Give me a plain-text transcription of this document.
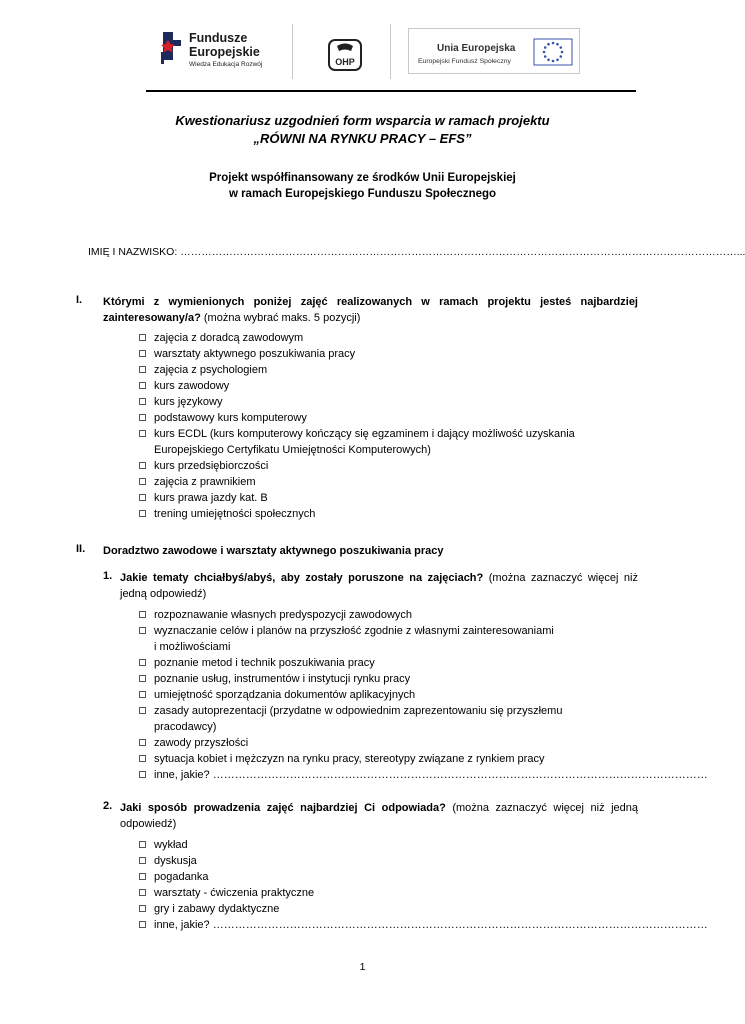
Fundusze
Europejskie
Wiedza Edukacja Rozwój	OHP
Unia Europejska
Europejski Fundusz Społeczny
Kwestionariusz uzgodnień form wsparcia w ramach projektu
„RÓWNI NA RYNKU PRACY – EFS”
Projekt współfinansowany ze środków Unii Europejskiej
w ramach Europejskiego Funduszu Społecznego
IMIĘ I NAZWISKO: ……………………………………………………………………………………………………………………………………………...
I. Którymi z wymienionych poniżej zajęć realizowanych w ramach projektu jesteś najbardziej zainteresowany/a? (można wybrać maks. 5 pozycji)
zajęcia z doradcą zawodowym
warsztaty aktywnego poszukiwania pracy
zajęcia z psychologiem
kurs zawodowy
kurs językowy
podstawowy kurs komputerowy
kurs ECDL (kurs komputerowy kończący się egzaminem i dający możliwość uzyskania
Europejskiego Certyfikatu Umiejętności Komputerowych)
kurs przedsiębiorczości
zajęcia z prawnikiem
kurs prawa jazdy kat. B
trening umiejętności społecznych
II. Doradztwo zawodowe i warsztaty aktywnego poszukiwania pracy
1. Jakie tematy chciałbyś/abyś, aby zostały poruszone na zajęciach? (można zaznaczyć więcej niż jedną odpowiedź)
rozpoznawanie własnych predyspozycji zawodowych
wyznaczanie celów i planów na przyszłość zgodnie z własnymi zainteresowaniami
i możliwościami
poznanie metod i technik poszukiwania pracy
poznanie usług, instrumentów i instytucji rynku pracy
umiejętność sporządzania dokumentów aplikacyjnych
zasady autoprezentacji (przydatne w odpowiednim zaprezentowaniu się przyszłemu
pracodawcy)
zawody przyszłości
sytuacja kobiet i mężczyzn na rynku pracy, stereotypy związane z rynkiem pracy
inne, jakie? ………………………………………………………………………………………………………………………
2. Jaki sposób prowadzenia zajęć najbardziej Ci odpowiada? (można zaznaczyć więcej niż jedną odpowiedź)
wykład
dyskusja
pogadanka
warsztaty - ćwiczenia praktyczne
gry i zabawy dydaktyczne
inne, jakie? ………………………………………………………………………………………………………………………
1
